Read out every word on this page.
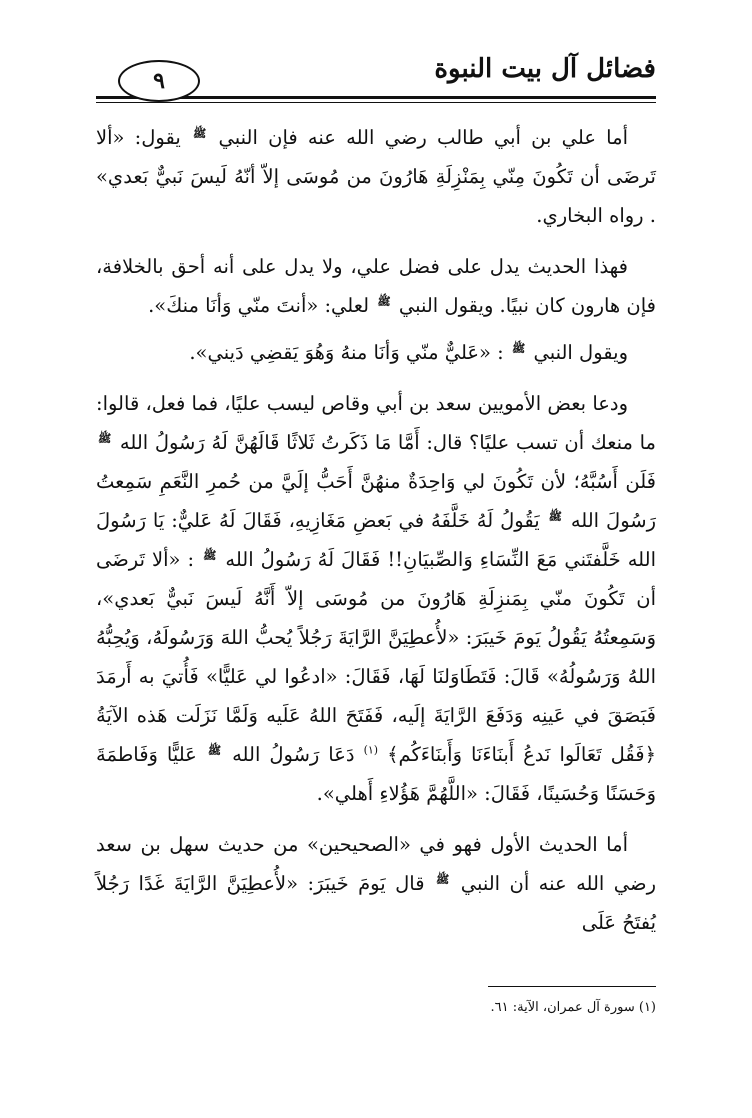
فضائل آل بيت النبوة
٩

أما علي بن أبي طالب رضي الله عنه فإن النبي $^ﷺ$ يقول: «ألا تَرضَى أن تَكُونَ مِنّي بِمَنْزِلَةِ هَارُونَ من مُوسَى إلاّ أنّهُ لَيسَ نَبيٌّ بَعدي» . رواه البخاري.

فهذا الحديث يدل على فضل علي، ولا يدل على أنه أحق بالخلافة، فإن هارون كان نبيًا. ويقول النبي $^ﷺ$ لعلي: «أنتَ منّي وَأنَا منكَ».

ويقول النبي $^ﷺ$ : «عَليٌّ منّي وَأنَا منهُ وَهُوَ يَقضِي دَيني».

ودعا بعض الأمويين سعد بن أبي وقاص ليسب عليًا، فما فعل، قالوا: ما منعك أن تسب عليًا؟ قال: أَمَّا مَا ذَكَرتُ ثَلاثًا قَالَهُنَّ لَهُ رَسُولُ الله $^ﷺ$ فَلَن أَسُبَّهُ؛ لأن تَكُونَ لي وَاحِدَةٌ منهُنَّ أَحَبُّ إلَيَّ من حُمرِ النَّعَمِ سَمِعتُ رَسُولَ الله $^ﷺ$ يَقُولُ لَهُ خَلَّفَهُ في بَعضِ مَغَازِيهِ، فَقَالَ لَهُ عَليٌّ: يَا رَسُولَ الله خَلَّفتَني مَعَ النِّسَاءِ وَالصِّبيَانِ!! فَقَالَ لَهُ رَسُولُ الله $^ﷺ$ : «ألا تَرضَى أن تَكُونَ منّي بِمَنزِلَةِ هَارُونَ من مُوسَى إلاّ أَنَّهُ لَيسَ نَبيٌّ بَعدي»، وَسَمِعتُهُ يَقُولُ يَومَ خَيبَرَ: «لأُعطِيَنَّ الرَّايَةَ رَجُلاً يُحبُّ اللهَ وَرَسُولَهُ، وَيُحِبُّهُ اللهُ وَرَسُولُهُ» قَالَ: فَتَطَاوَلنَا لَهَا، فَقَالَ: «ادعُوا لي عَليًّا» فَأُتيَ به أَرمَدَ فَبَصَقَ في عَينِه وَدَفَعَ الرَّايَةَ إلَيه، فَفَتَحَ اللهُ عَلَيه وَلَمَّا نَزَلَت هَذه الآيَةُ ﴿فَقُل تَعَالَوا نَدعُ أَبنَاءَنَا وَأَبنَاءَكُم﴾ $^{(١)}$ دَعَا رَسُولُ الله $^ﷺ$ عَليًّا وَفَاطمَةَ وَحَسَنًا وَحُسَينًا، فَقَالَ: «اللَّهُمَّ هَؤُلاءِ أَهلي».

أما الحديث الأول فهو في «الصحيحين» من حديث سهل بن سعد رضي الله عنه أن النبي $^ﷺ$ قال يَومَ خَيبَرَ: «لأُعطِيَنَّ الرَّايَةَ غَدًا رَجُلاً يُفتَحُ عَلَى

(١) سورة آل عمران، الآية: ٦١.
